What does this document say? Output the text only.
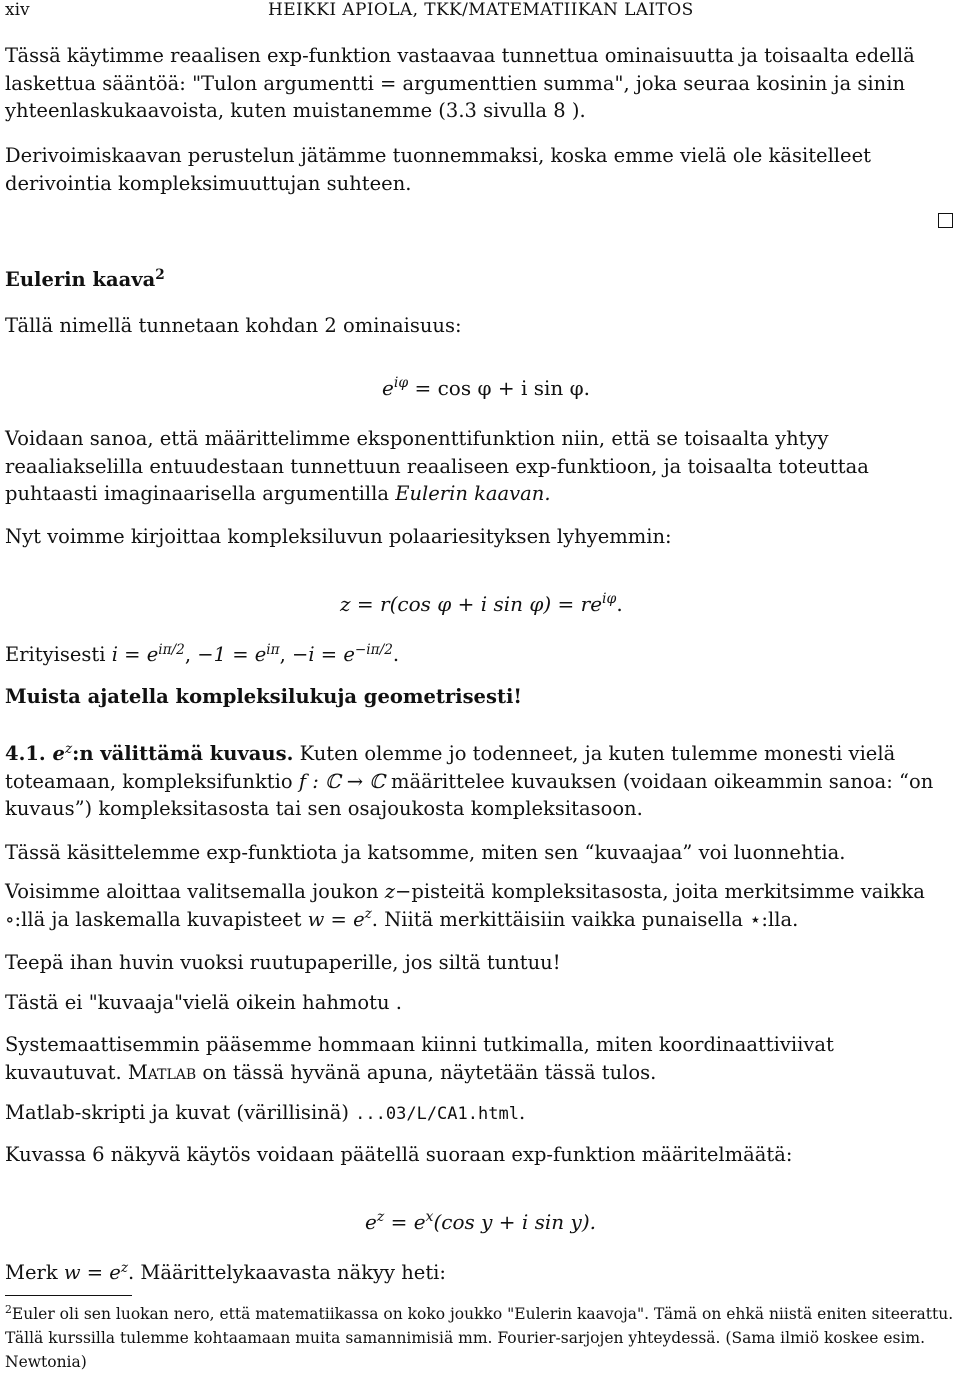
xiv	HEIKKI APIOLA, TKK/MATEMATIIKAN LAITOS
Tässä käytimme reaalisen exp-funktion vastaavaa tunnettua ominaisuutta ja toisaalta edellä laskettua sääntöä: "Tulon argumentti = argumenttien summa", joka seuraa kosinin ja sinin yhteenlaskukaavoista, kuten muistanemme (3.3 sivulla 8 ).
Derivoimiskaavan perustelun jätämme tuonnemmaksi, koska emme vielä ole käsitelleet derivointia kompleksimuuttujan suhteen.
Eulerin kaava$^2$
Tällä nimellä tunnetaan kohdan 2 ominaisuus:
$e^{i\varphi} = \cos \varphi + i$ sin φ.
Voidaan sanoa, että määrittelimme eksponenttifunktion niin, että se toisaalta yhtyy reaaliakselilla entuudestaan tunnettuun reaaliseen exp-funktioon, ja toisaalta toteuttaa puhtaasti imaginaarisella argumentilla Eulerin kaavan.
Nyt voimme kirjoittaa kompleksiluvun polaariesityksen lyhyemmin:
z = r(cos φ + i $\sin \varphi) = re^{i\varphi}$.
Erityisesti $i = e^{i\pi/2}$, $-1 = e^{i\pi}$, $-i = e^{-i\pi/2}$.
Muista ajatella kompleksilukuja geometrisesti!
4.1. $e^z:n$ välittämä kuvaus. Kuten olemme jo todenneet, ja kuten tulemme monesti vielä toteamaan, kompleksifunktio f : ℂ → ℂ määrittelee kuvauksen (voidaan oikeammin sanoa: “on kuvaus”) kompleksitasosta tai sen osajoukosta kompleksitasoon.
Tässä käsittelemme exp-funktiota ja katsomme, miten sen “kuvaajaa” voi luonnehtia.
Voisimme aloittaa valitsemalla joukon z−pisteitä kompleksitasosta, joita merkitsimme vaikka ∘:llä ja laskemalla kuvapisteet $w = e^z$. Niitä merkittäisiin vaikka punaisella ⋆:lla.
Teepä ihan huvin vuoksi ruutupaperille, jos siltä tuntuu!
Tästä ei "kuvaaja"vielä oikein hahmotu .
Systemaattisemmin pääsemme hommaan kiinni tutkimalla, miten koordinaattiviivat kuvautuvat. Matlab on tässä hyvänä apuna, näytetään tässä tulos.
Matlab-skripti ja kuvat (värillisinä) ...03/L/CA1.html.
Kuvassa 6 näkyvä käytös voidaan päätellä suoraan exp-funktion määritelmäätä:
$e^z = e^x(\cos$ y + i sin y).
Merk $w = e^z$. Määrittelykaavasta näkyy heti:
$^2$Euler oli sen luokan nero, että matematiikassa on koko joukko "Eulerin kaavoja". Tämä on ehkä niistä eniten siteerattu. Tällä kurssilla tulemme kohtaamaan muita samannimisiä mm. Fourier-sarjojen yhteydessä. (Sama ilmiö koskee esim. Newtonia)
